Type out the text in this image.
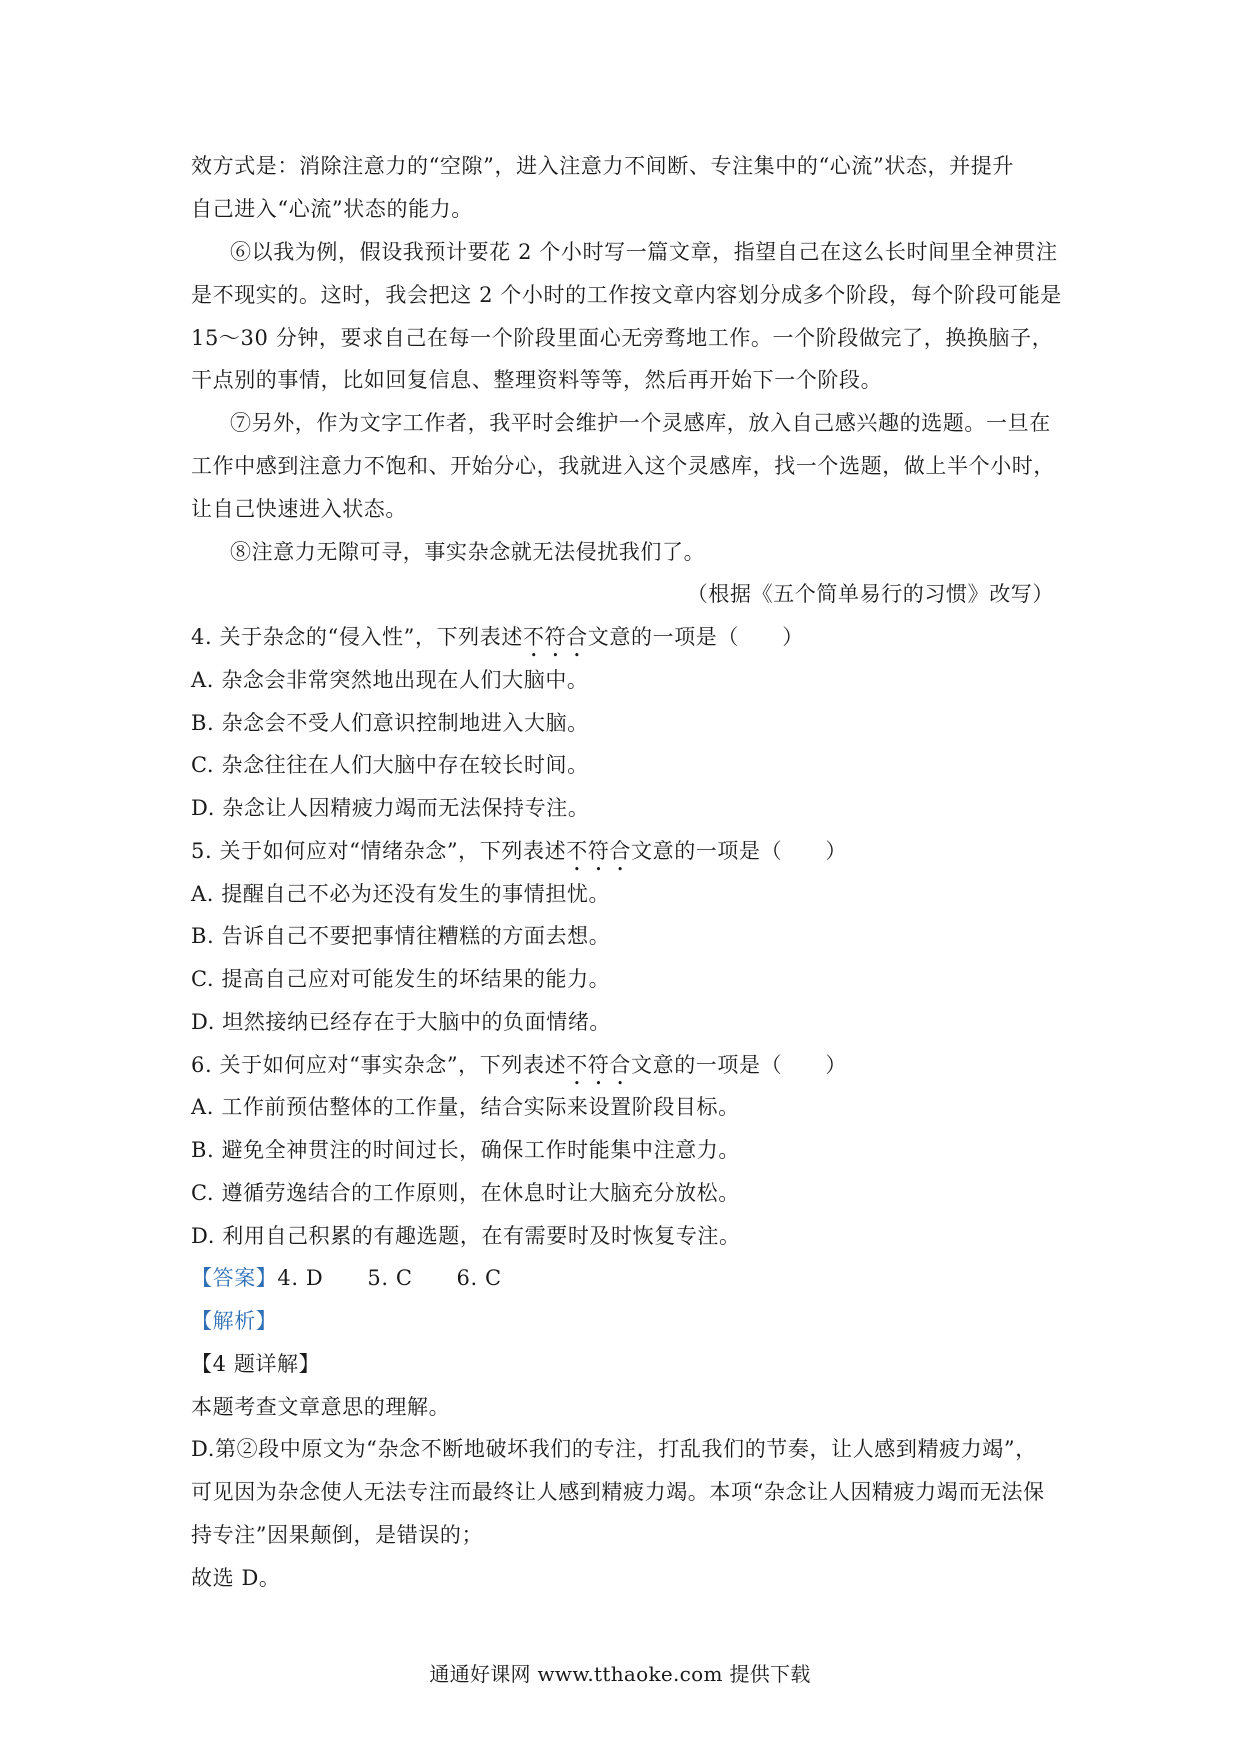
效方式是：消除注意力的“空隙”，进入注意力不间断、专注集中的“心流”状态，并提升
自己进入“心流”状态的能力。
⑥以我为例，假设我预计要花 2 个小时写一篇文章，指望自己在这么长时间里全神贯注
是不现实的。这时，我会把这 2 个小时的工作按文章内容划分成多个阶段，每个阶段可能是
15～30 分钟，要求自己在每一个阶段里面心无旁骛地工作。一个阶段做完了，换换脑子，
干点别的事情，比如回复信息、整理资料等等，然后再开始下一个阶段。
⑦另外，作为文字工作者，我平时会维护一个灵感库，放入自己感兴趣的选题。一旦在
工作中感到注意力不饱和、开始分心，我就进入这个灵感库，找一个选题，做上半个小时，
让自己快速进入状态。
⑧注意力无隙可寻，事实杂念就无法侵扰我们了。
（根据《五个简单易行的习惯》改写）
4. 关于杂念的“侵入性”，下列表述不符合文意的一项是（　　）
A. 杂念会非常突然地出现在人们大脑中。
B. 杂念会不受人们意识控制地进入大脑。
C. 杂念往往在人们大脑中存在较长时间。
D. 杂念让人因精疲力竭而无法保持专注。
5. 关于如何应对“情绪杂念”，下列表述不符合文意的一项是（　　）
A. 提醒自己不必为还没有发生的事情担忧。
B. 告诉自己不要把事情往糟糕的方面去想。
C. 提高自己应对可能发生的坏结果的能力。
D. 坦然接纳已经存在于大脑中的负面情绪。
6. 关于如何应对“事实杂念”，下列表述不符合文意的一项是（　　）
A. 工作前预估整体的工作量，结合实际来设置阶段目标。
B. 避免全神贯注的时间过长，确保工作时能集中注意力。
C. 遵循劳逸结合的工作原则，在休息时让大脑充分放松。
D. 利用自己积累的有趣选题，在有需要时及时恢复专注。
【答案】4. D 5. C 6. C
【解析】
【4 题详解】
本题考查文章意思的理解。
D.第②段中原文为“杂念不断地破坏我们的专注，打乱我们的节奏，让人感到精疲力竭”，
可见因为杂念使人无法专注而最终让人感到精疲力竭。本项“杂念让人因精疲力竭而无法保
持专注”因果颠倒，是错误的；
故选 D。
通通好课网 www.tthaoke.com 提供下载
